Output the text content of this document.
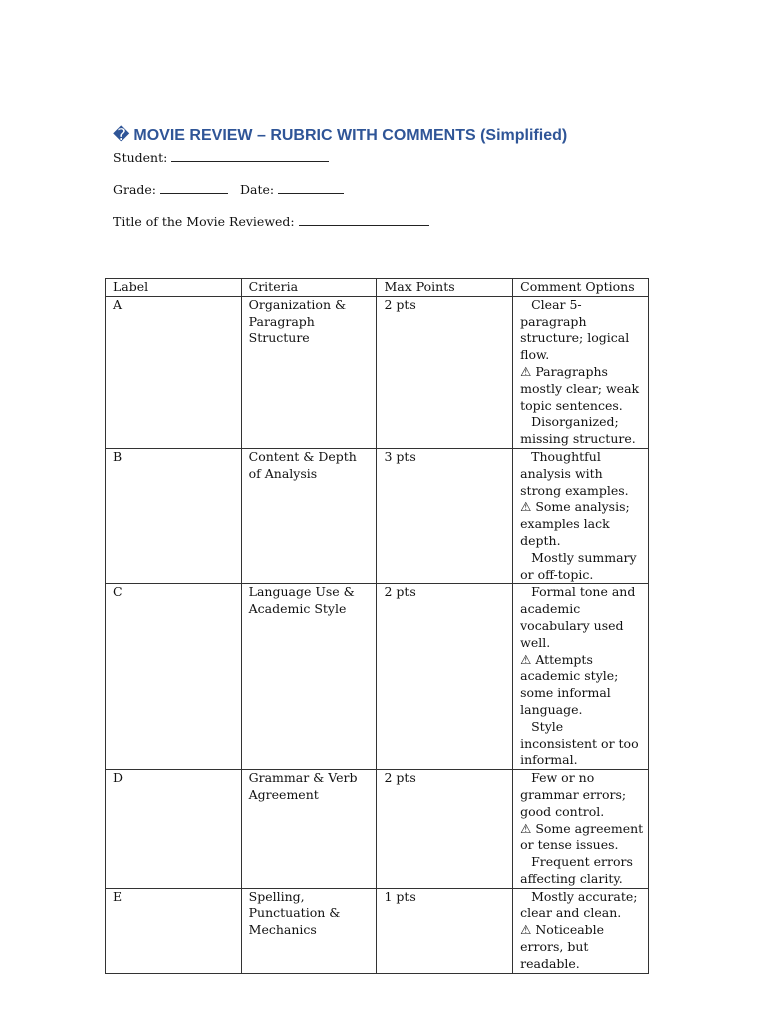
� MOVIE REVIEW – RUBRIC WITH COMMENTS (Simplified)
Student:
Grade:	Date:
Title of the Movie Reviewed:
Label	Criteria	Max Points	Comment Options
A	Organization & Paragraph Structure	2 pts	Clear 5-paragraph structure; logical flow.
⚠ Paragraphs mostly clear; weak topic sentences.
Disorganized; missing structure.

B	Content & Depth of Analysis	3 pts	Thoughtful analysis with strong examples.
⚠ Some analysis; examples lack depth.
Mostly summary or off-topic.

C	Language Use & Academic Style	2 pts	Formal tone and academic vocabulary used well.
⚠ Attempts academic style; some informal language.
Style inconsistent or too informal.

D	Grammar & Verb Agreement	2 pts	Few or no grammar errors; good control.
⚠ Some agreement or tense issues.
Frequent errors affecting clarity.

E	Spelling, Punctuation & Mechanics	1 pts	Mostly accurate; clear and clean.
⚠ Noticeable errors, but readable.
